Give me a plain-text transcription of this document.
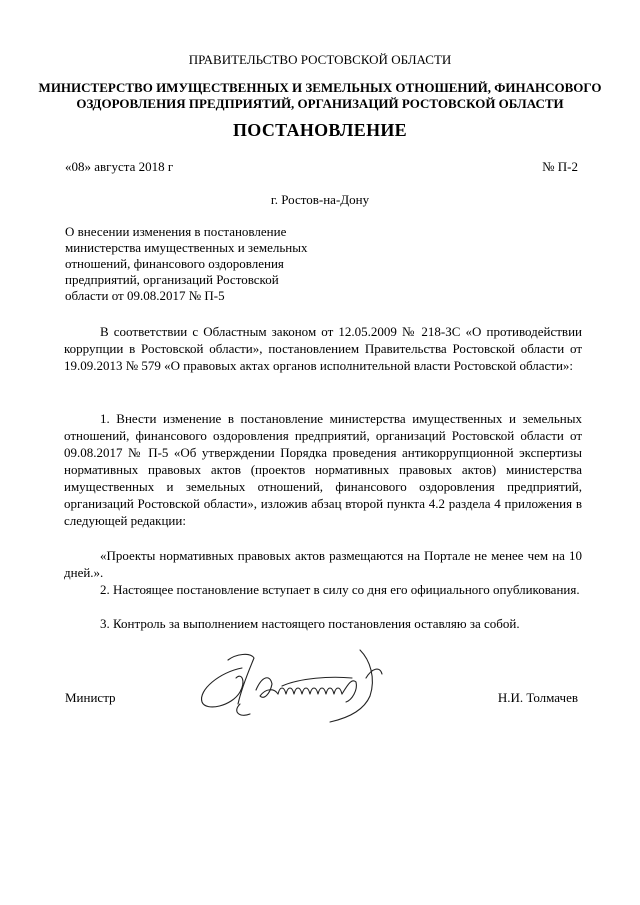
ПРАВИТЕЛЬСТВО РОСТОВСКОЙ ОБЛАСТИ
МИНИСТЕРСТВО ИМУЩЕСТВЕННЫХ И ЗЕМЕЛЬНЫХ ОТНОШЕНИЙ, ФИНАНСОВОГО
ОЗДОРОВЛЕНИЯ ПРЕДПРИЯТИЙ, ОРГАНИЗАЦИЙ РОСТОВСКОЙ ОБЛАСТИ
ПОСТАНОВЛЕНИЕ
«08» августа 2018 г	№ П-2
г. Ростов-на-Дону
О внесении изменения в постановление
министерства имущественных и земельных
отношений, финансового оздоровления
предприятий, организаций Ростовской
области от 09.08.2017 № П-5
В соответствии с Областным законом от 12.05.2009 № 218-ЗС «О противодействии коррупции в Ростовской области», постановлением Правительства Ростовской области от 19.09.2013 № 579 «О правовых актах органов исполнительной власти Ростовской области»:
1. Внести изменение в постановление министерства имущественных и земельных отношений, финансового оздоровления предприятий, организаций Ростовской области от 09.08.2017 № П-5 «Об утверждении Порядка проведения антикоррупционной экспертизы нормативных правовых актов (проектов нормативных правовых актов) министерства имущественных и земельных отношений, финансового оздоровления предприятий, организаций Ростовской области», изложив абзац второй пункта 4.2 раздела 4 приложения в следующей редакции:
«Проекты нормативных правовых актов размещаются на Портале не менее чем на 10 дней.».
2. Настоящее постановление вступает в силу со дня его официального опубликования.
3. Контроль за выполнением настоящего постановления оставляю за собой.
Министр	Н.И. Толмачев
